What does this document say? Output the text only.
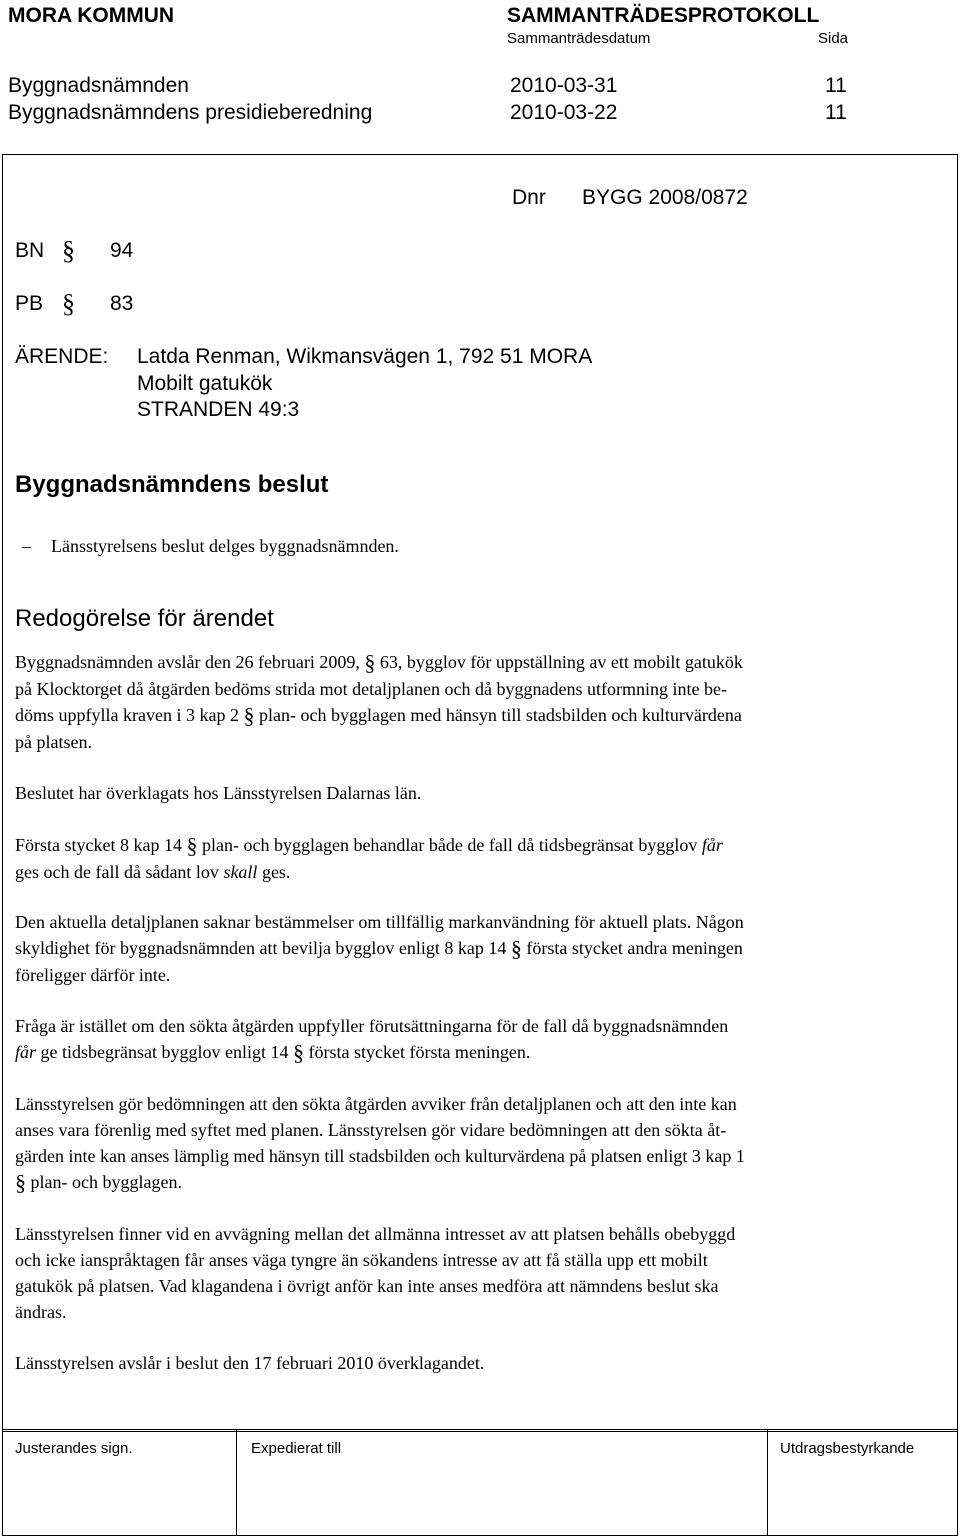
MORA KOMMUN	SAMMANTRÄDESPROTOKOLL
Sammanträdesdatum	Sida
Byggnadsnämnden	2010-03-31	11
Byggnadsnämndens presidieberedning	2010-03-22	11
Dnr BYGG 2008/0872
BN § 94
PB § 83
ÄRENDE: Latda Renman, Wikmansvägen 1, 792 51 MORA
Mobilt gatukök
STRANDEN 49:3
Byggnadsnämndens beslut
– Länsstyrelsens beslut delges byggnadsnämnden.
Redogörelse för ärendet
Byggnadsnämnden avslår den 26 februari 2009, § 63, bygglov för uppställning av ett mobilt gatukök
på Klocktorget då åtgärden bedöms strida mot detaljplanen och då byggnadens utformning inte be-
döms uppfylla kraven i 3 kap 2 § plan- och bygglagen med hänsyn till stadsbilden och kulturvärdena
på platsen.
Beslutet har överklagats hos Länsstyrelsen Dalarnas län.
Första stycket 8 kap 14 § plan- och bygglagen behandlar både de fall då tidsbegränsat bygglov får
ges och de fall då sådant lov skall ges.
Den aktuella detaljplanen saknar bestämmelser om tillfällig markanvändning för aktuell plats. Någon
skyldighet för byggnadsnämnden att bevilja bygglov enligt 8 kap 14 § första stycket andra meningen
föreligger därför inte.
Fråga är istället om den sökta åtgärden uppfyller förutsättningarna för de fall då byggnadsnämnden
får ge tidsbegränsat bygglov enligt 14 § första stycket första meningen.
Länsstyrelsen gör bedömningen att den sökta åtgärden avviker från detaljplanen och att den inte kan
anses vara förenlig med syftet med planen. Länsstyrelsen gör vidare bedömningen att den sökta åt-
gärden inte kan anses lämplig med hänsyn till stadsbilden och kulturvärdena på platsen enligt 3 kap 1
§ plan- och bygglagen.
Länsstyrelsen finner vid en avvägning mellan det allmänna intresset av att platsen behålls obebyggd
och icke ianspråktagen får anses väga tyngre än sökandens intresse av att få ställa upp ett mobilt
gatukök på platsen. Vad klagandena i övrigt anför kan inte anses medföra att nämndens beslut ska
ändras.
Länsstyrelsen avslår i beslut den 17 februari 2010 överklagandet.
Justerandes sign.	Expedierat till	Utdragsbestyrkande
